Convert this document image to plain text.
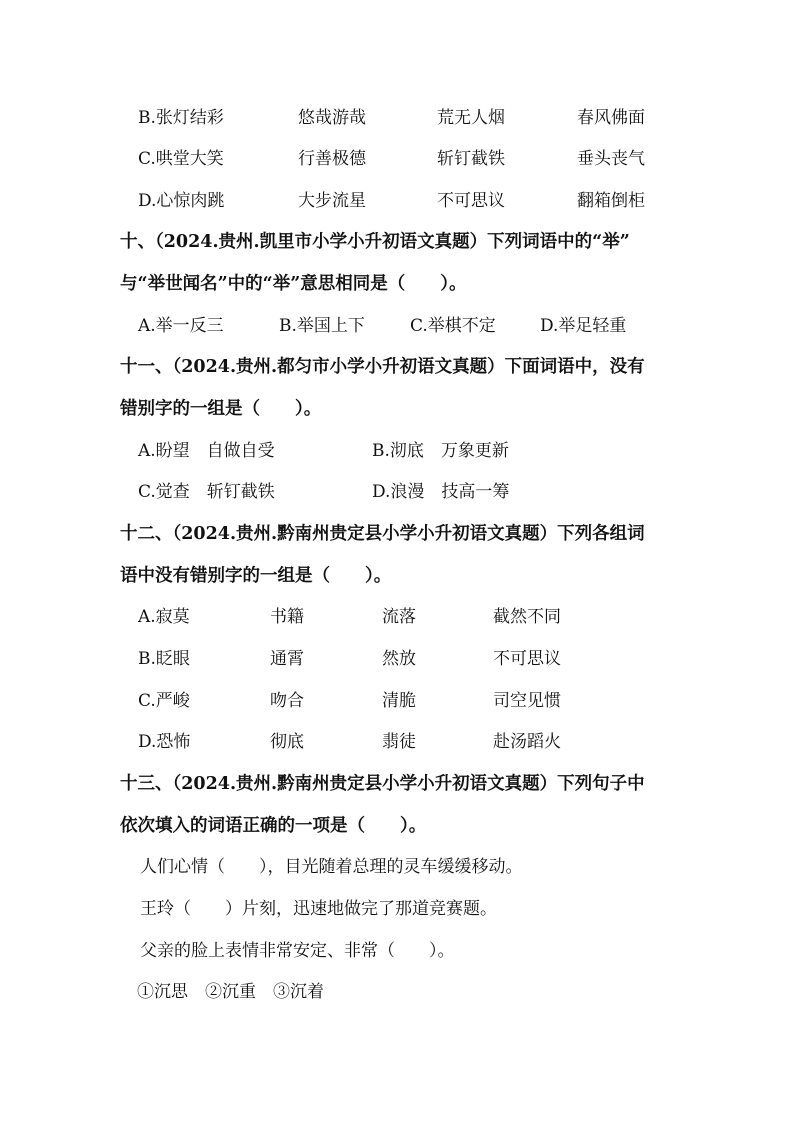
B.张灯结彩	悠哉游哉	荒无人烟	春风佛面
C.哄堂大笑	行善极德	斩钉截铁	垂头丧气
D.心惊肉跳	大步流星	不可思议	翻箱倒柜
十、（2024.贵州.凯里市小学小升初语文真题）下列词语中的“举”
与“举世闻名”中的“举”意思相同是（　　）。
A.举一反三	B.举国上下	C.举棋不定	D.举足轻重
十一、（2024.贵州.都匀市小学小升初语文真题）下面词语中，没有
错别字的一组是（　　）。
A.盼望　自做自受	B.沏底　万象更新
C.觉查　斩钉截铁	D.浪漫　技高一筹
十二、（2024.贵州.黔南州贵定县小学小升初语文真题）下列各组词
语中没有错别字的一组是（　　）。
A.寂莫	书籍	流落	截然不同
B.眨眼	通霄	然放	不可思议
C.严峻	吻合	清脆	司空见惯
D.恐怖	彻底	翡徒	赴汤蹈火
十三、（2024.贵州.黔南州贵定县小学小升初语文真题）下列句子中
依次填入的词语正确的一项是（　　）。
人们心情（　　），目光随着总理的灵车缓缓移动。
王玲（　　）片刻，迅速地做完了那道竞赛题。
父亲的脸上表情非常安定、非常（　　）。
①沉思　②沉重　③沉着
